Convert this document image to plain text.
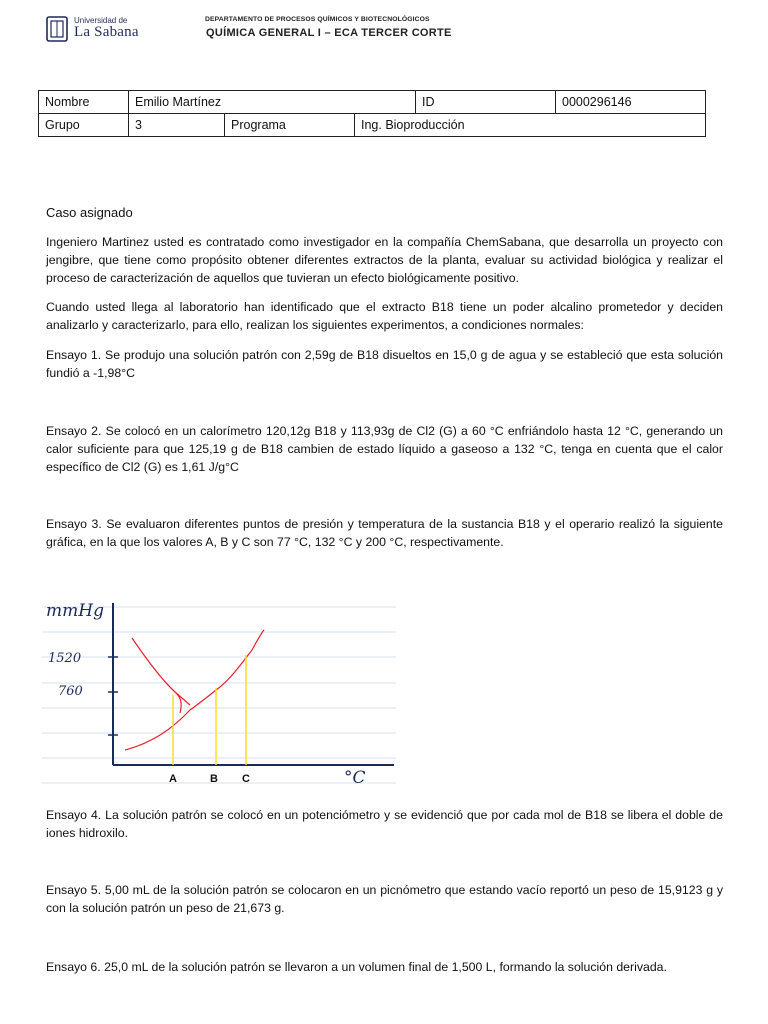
Universidad de
La Sabana
DEPARTAMENTO DE PROCESOS QUÍMICOS Y BIOTECNOLÓGICOS
QUÍMICA GENERAL I – ECA TERCER CORTE
Nombre	Emilio Martínez			ID	0000296146
Grupo	3	Programa	Ing. Bioproducción		
Caso asignado
Ingeniero Martinez usted es contratado como investigador en la compañía ChemSabana, que desarrolla un proyecto con jengibre, que tiene como propósito obtener diferentes extractos de la planta, evaluar su actividad biológica y realizar el proceso de caracterización de aquellos que tuvieran un efecto biológicamente positivo.
Cuando usted llega al laboratorio han identificado que el extracto B18 tiene un poder alcalino prometedor y deciden analizarlo y caracterizarlo, para ello, realizan los siguientes experimentos, a condiciones normales:
Ensayo 1. Se produjo una solución patrón con 2,59g de B18 disueltos en 15,0 g de agua y se estableció que esta solución fundió a -1,98°C
Ensayo 2. Se colocó en un calorímetro 120,12g B18 y 113,93g de Cl2 (G) a 60 °C enfriándolo hasta 12 °C, generando un calor suficiente para que 125,19 g de B18 cambien de estado líquido a gaseoso a 132 °C, tenga en cuenta que el calor específico de Cl2 (G) es 1,61 J/g°C
Ensayo 3. Se evaluaron diferentes puntos de presión y temperatura de la sustancia B18 y el operario realizó la siguiente gráfica, en la que los valores A, B y C son 77 °C, 132 °C y 200 °C, respectivamente.
mmHg
1520
760
A	B C	°C
Ensayo 4. La solución patrón se colocó en un potenciómetro y se evidenció que por cada mol de B18 se libera el doble de iones hidroxilo.
Ensayo 5. 5,00 mL de la solución patrón se colocaron en un picnómetro que estando vacío reportó un peso de 15,9123 g y con la solución patrón un peso de 21,673 g.
Ensayo 6. 25,0 mL de la solución patrón se llevaron a un volumen final de 1,500 L, formando la solución derivada.
